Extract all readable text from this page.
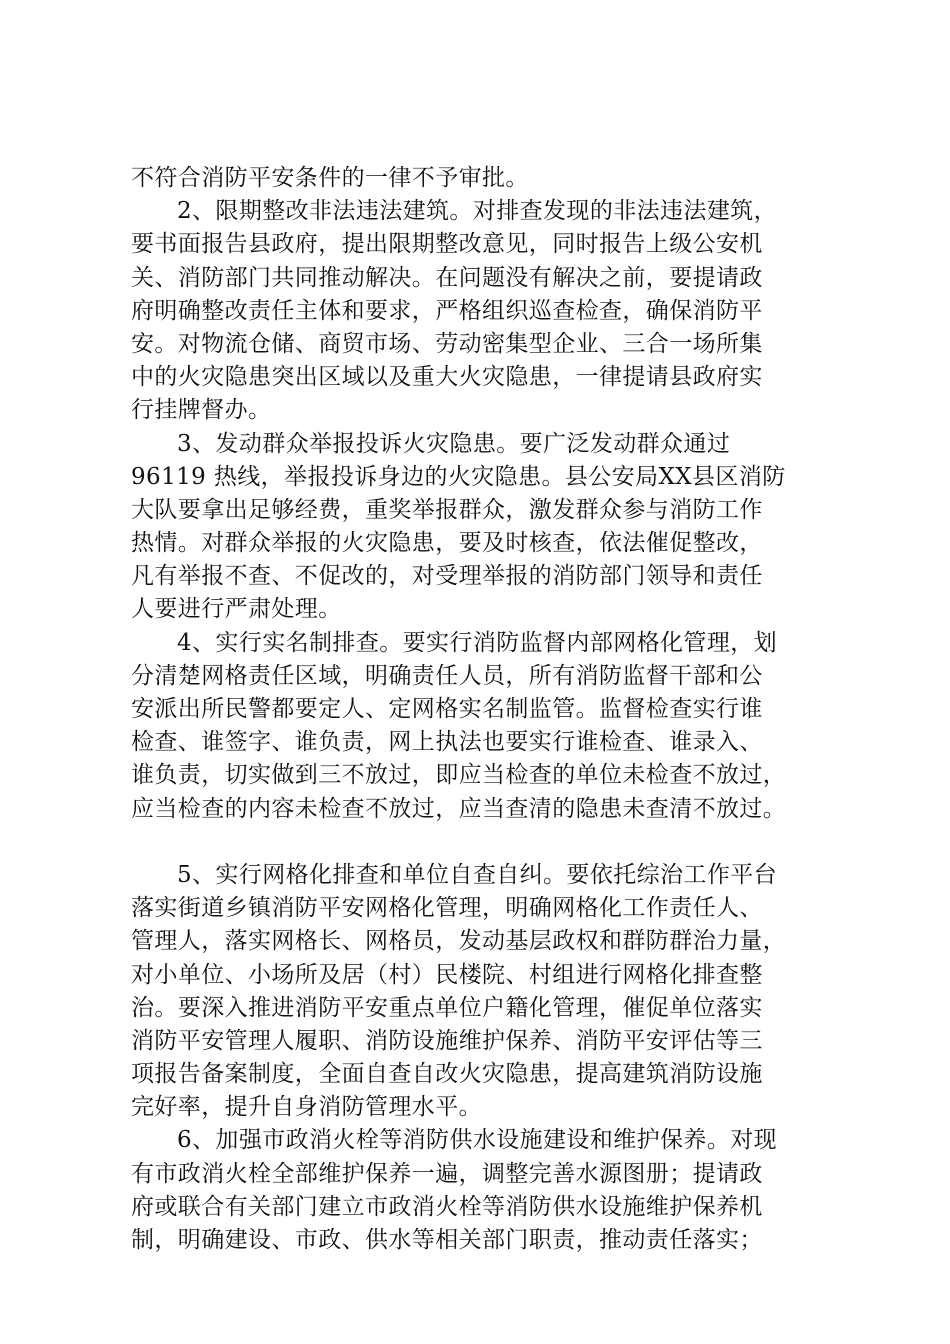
不符合消防平安条件的一律不予审批。
2、限期整改非法违法建筑。对排查发现的非法违法建筑，
要书面报告县政府，提出限期整改意见，同时报告上级公安机
关、消防部门共同推动解决。在问题没有解决之前，要提请政
府明确整改责任主体和要求，严格组织巡查检查，确保消防平
安。对物流仓储、商贸市场、劳动密集型企业、三合一场所集
中的火灾隐患突出区域以及重大火灾隐患，一律提请县政府实
行挂牌督办。
3、发动群众举报投诉火灾隐患。要广泛发动群众通过
96119 热线，举报投诉身边的火灾隐患。县公安局XX县区消防
大队要拿出足够经费，重奖举报群众，激发群众参与消防工作
热情。对群众举报的火灾隐患，要及时核查，依法催促整改，
凡有举报不查、不促改的，对受理举报的消防部门领导和责任
人要进行严肃处理。
4、实行实名制排查。要实行消防监督内部网格化管理，划
分清楚网格责任区域，明确责任人员，所有消防监督干部和公
安派出所民警都要定人、定网格实名制监管。监督检查实行谁
检查、谁签字、谁负责，网上执法也要实行谁检查、谁录入、
谁负责，切实做到三不放过，即应当检查的单位未检查不放过，
应当检查的内容未检查不放过，应当查清的隐患未查清不放过。
5、实行网格化排查和单位自查自纠。要依托综治工作平台
落实街道乡镇消防平安网格化管理，明确网格化工作责任人、
管理人，落实网格长、网格员，发动基层政权和群防群治力量，
对小单位、小场所及居（村）民楼院、村组进行网格化排查整
治。要深入推进消防平安重点单位户籍化管理，催促单位落实
消防平安管理人履职、消防设施维护保养、消防平安评估等三
项报告备案制度，全面自查自改火灾隐患，提高建筑消防设施
完好率，提升自身消防管理水平。
6、加强市政消火栓等消防供水设施建设和维护保养。对现
有市政消火栓全部维护保养一遍，调整完善水源图册；提请政
府或联合有关部门建立市政消火栓等消防供水设施维护保养机
制，明确建设、市政、供水等相关部门职责，推动责任落实；
